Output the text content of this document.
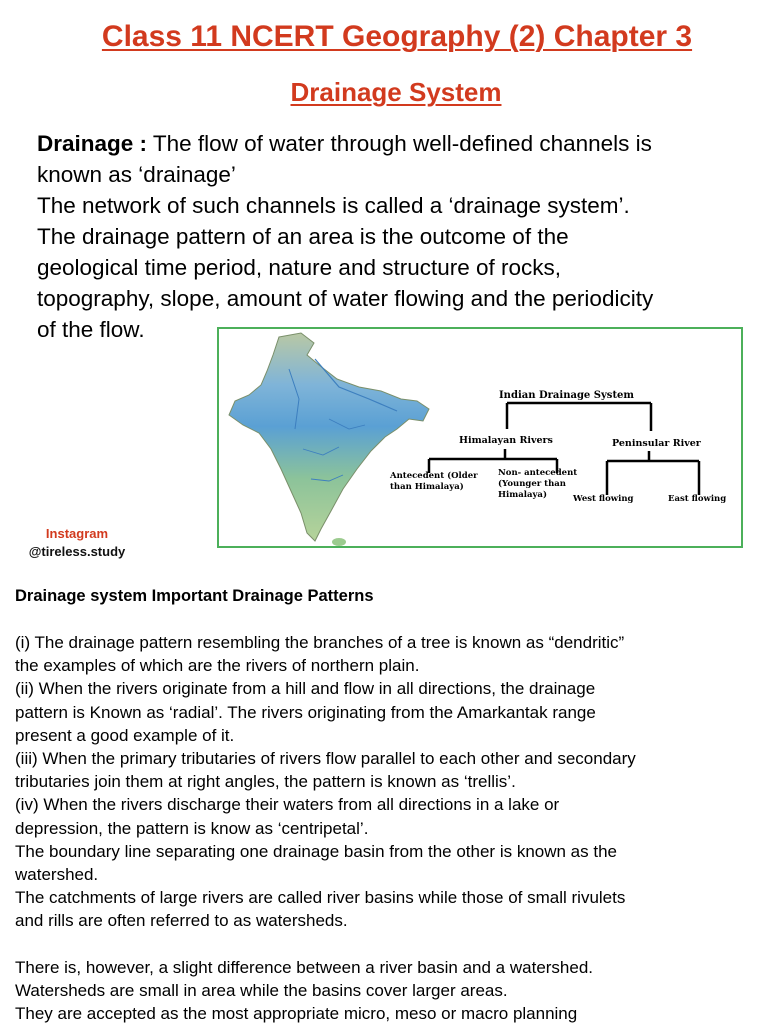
Class 11 NCERT Geography (2) Chapter 3
Drainage System
Drainage : The flow of water through well-defined channels is
known as ‘drainage’
The network of such channels is called a ‘drainage system’.
The drainage pattern of an area is the outcome of the
geological time period, nature and structure of rocks,
topography, slope, amount of water flowing and the periodicity
of the flow.
Indian Drainage System
Himalayan Rivers	Peninsular River
Antecedent (Older
than Himalaya)
Non- antecedent
(Younger than
Himalaya)	West flowing	East flowing
Instagram
@tireless.study
Drainage system Important Drainage Patterns
(i) The drainage pattern resembling the branches of a tree is known as “dendritic”
the examples of which are the rivers of northern plain.
(ii) When the rivers originate from a hill and flow in all directions, the drainage
pattern is Known as ‘radial’. The rivers originating from the Amarkantak range
present a good example of it.
(iii) When the primary tributaries of rivers flow parallel to each other and secondary
tributaries join them at right angles, the pattern is known as ‘trellis’.
(iv) When the rivers discharge their waters from all directions in a lake or
depression, the pattern is know as ‘centripetal’.
The boundary line separating one drainage basin from the other is known as the
watershed.
The catchments of large rivers are called river basins while those of small rivulets
and rills are often referred to as watersheds.
There is, however, a slight difference between a river basin and a watershed.
Watersheds are small in area while the basins cover larger areas.
They are accepted as the most appropriate micro, meso or macro planning
